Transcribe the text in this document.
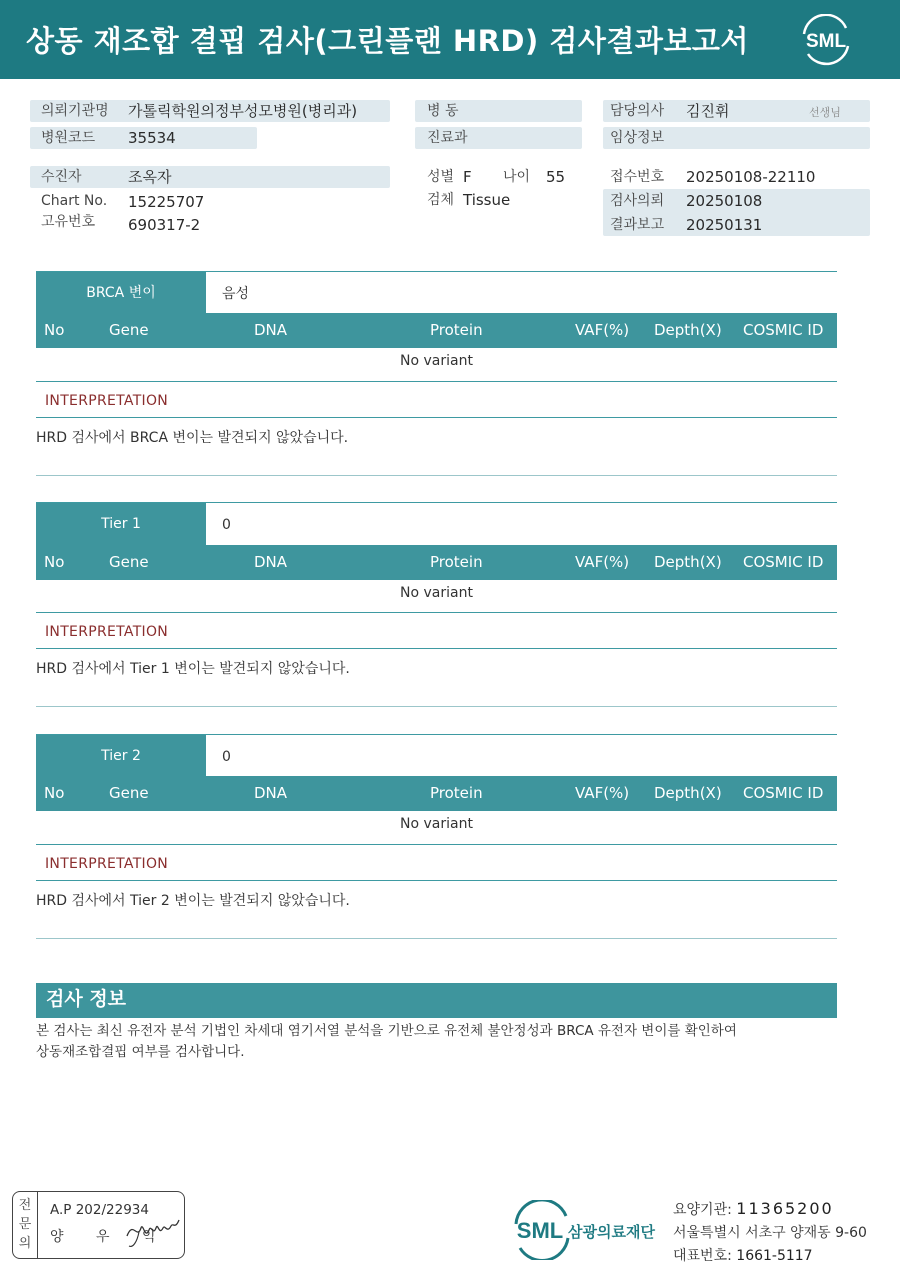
상동 재조합 결핍 검사(그린플랜 HRD) 검사결과보고서	SML
의뢰기관명 가톨릭학원의정부성모병원(병리과)
병원코드 35534
병 동
진료과
담당의사 김진휘	선생님
임상정보
수진자	조옥자
Chart No. 15225707
고유번호 690317-2
성별 F 나이 55
검체 Tissue
접수번호 20250108-22110
검사의뢰 20250108
결과보고 20250131
BRCA 변이	음성
No	Gene	DNA	Protein	VAF(%) Depth(X) COSMIC ID
No variant
INTERPRETATION
HRD 검사에서 BRCA 변이는 발견되지 않았습니다.
Tier 1	0
No	Gene	DNA	Protein	VAF(%) Depth(X) COSMIC ID
No variant
INTERPRETATION
HRD 검사에서 Tier 1 변이는 발견되지 않았습니다.
Tier 2	0
No	Gene	DNA	Protein	VAF(%) Depth(X) COSMIC ID
No variant
INTERPRETATION
HRD 검사에서 Tier 2 변이는 발견되지 않았습니다.
검사 정보
본 검사는 최신 유전자 분석 기법인 차세대 염기서열 분석을 기반으로 유전체 불안정성과 BRCA 유전자 변이를 확인하여
상동재조합결핍 여부를 검사합니다.
전
문
의
A.P 202/22934
양 우 익	SML 삼광의료재단
요양기관: 11365200
서울특별시 서초구 양재동 9-60
대표번호: 1661-5117
